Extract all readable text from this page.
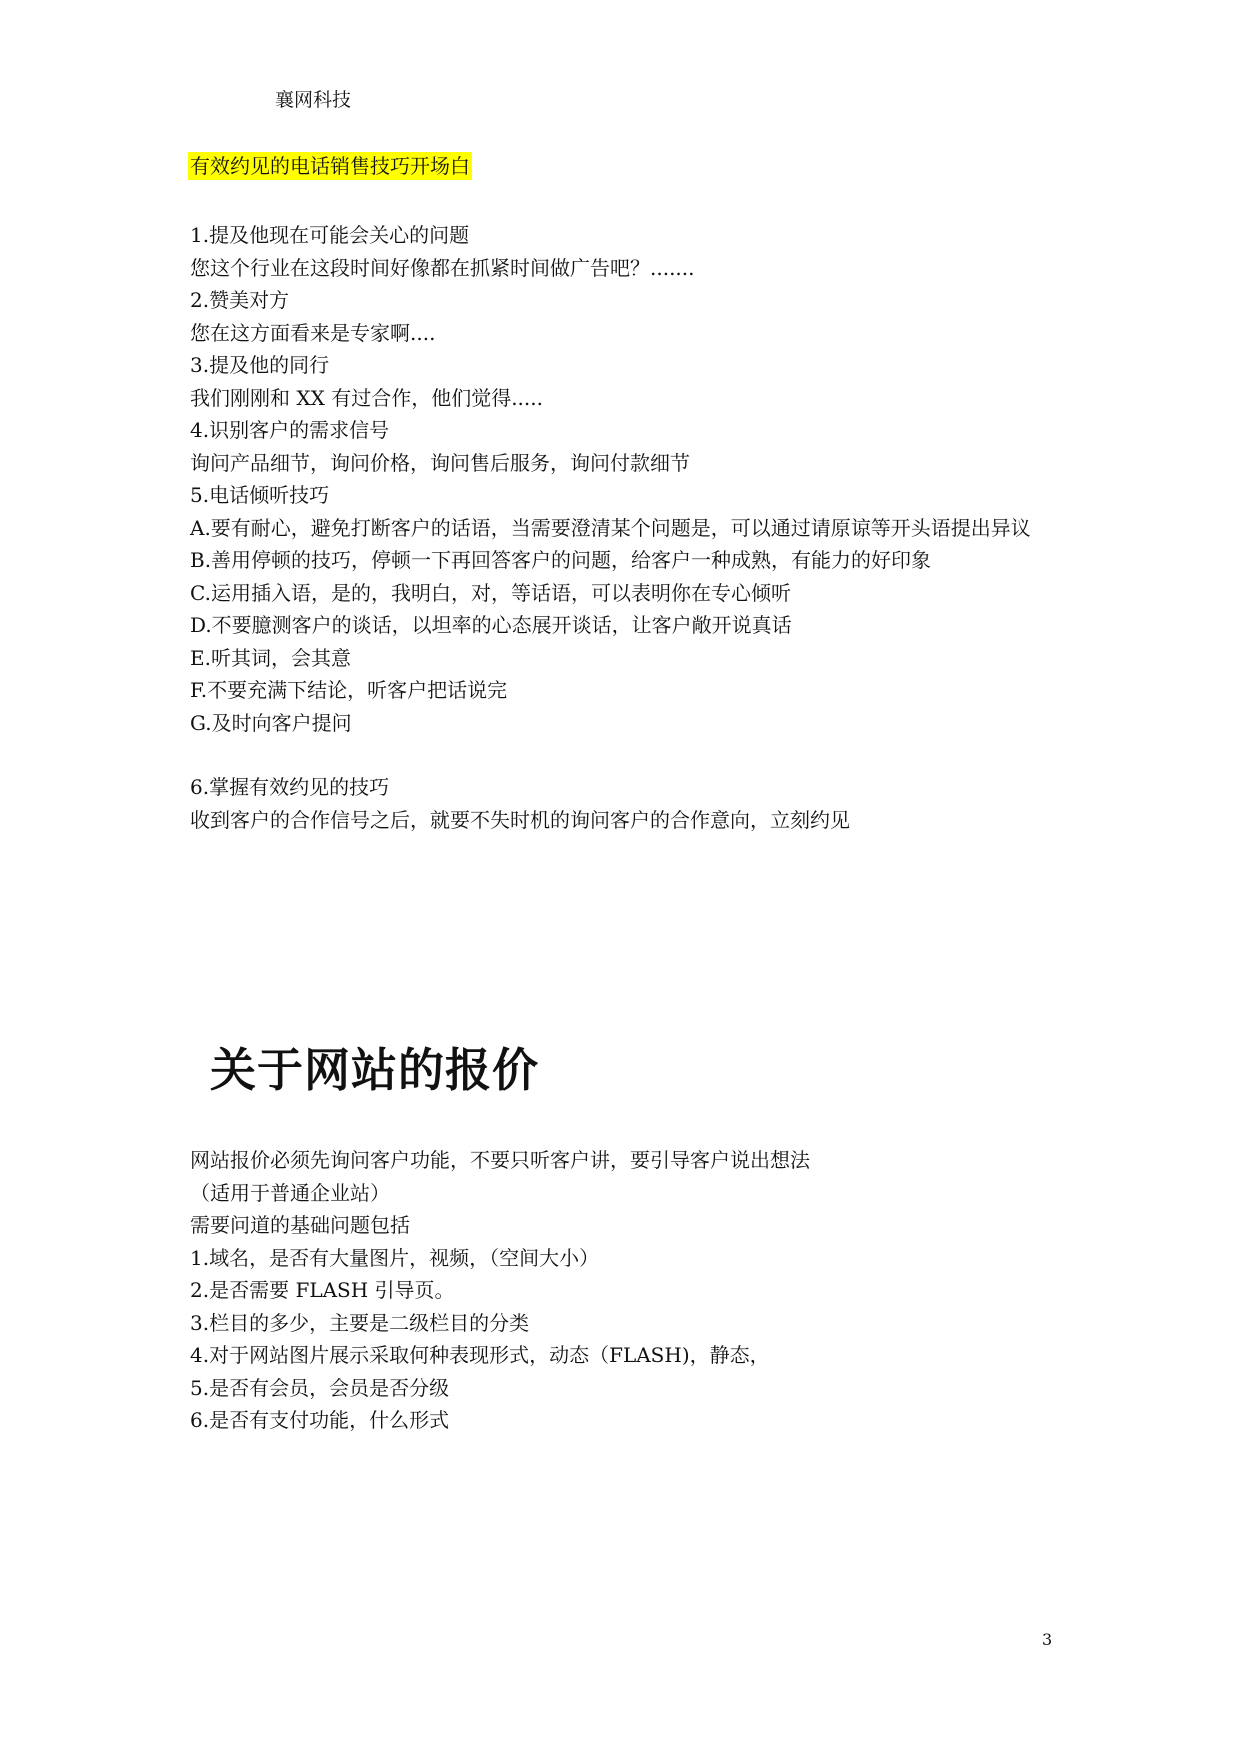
襄网科技
有效约见的电话销售技巧开场白
1.提及他现在可能会关心的问题
您这个行业在这段时间好像都在抓紧时间做广告吧？.......
2.赞美对方
您在这方面看来是专家啊....
3.提及他的同行
我们刚刚和 XX 有过合作，他们觉得.....
4.识别客户的需求信号
询问产品细节，询问价格，询问售后服务，询问付款细节
5.电话倾听技巧
A.要有耐心，避免打断客户的话语，当需要澄清某个问题是，可以通过请原谅等开头语提出异议
B.善用停顿的技巧，停顿一下再回答客户的问题，给客户一种成熟，有能力的好印象
C.运用插入语，是的，我明白，对，等话语，可以表明你在专心倾听
D.不要臆测客户的谈话，以坦率的心态展开谈话，让客户敞开说真话
E.听其词，会其意
F.不要充满下结论，听客户把话说完
G.及时向客户提问
6.掌握有效约见的技巧
收到客户的合作信号之后，就要不失时机的询问客户的合作意向，立刻约见
关于网站的报价
网站报价必须先询问客户功能，不要只听客户讲，要引导客户说出想法
（适用于普通企业站）
需要问道的基础问题包括
1.域名，是否有大量图片，视频，（空间大小）
2.是否需要 FLASH 引导页。
3.栏目的多少，主要是二级栏目的分类
4.对于网站图片展示采取何种表现形式，动态（FLASH)，静态，
5.是否有会员，会员是否分级
6.是否有支付功能，什么形式
3
